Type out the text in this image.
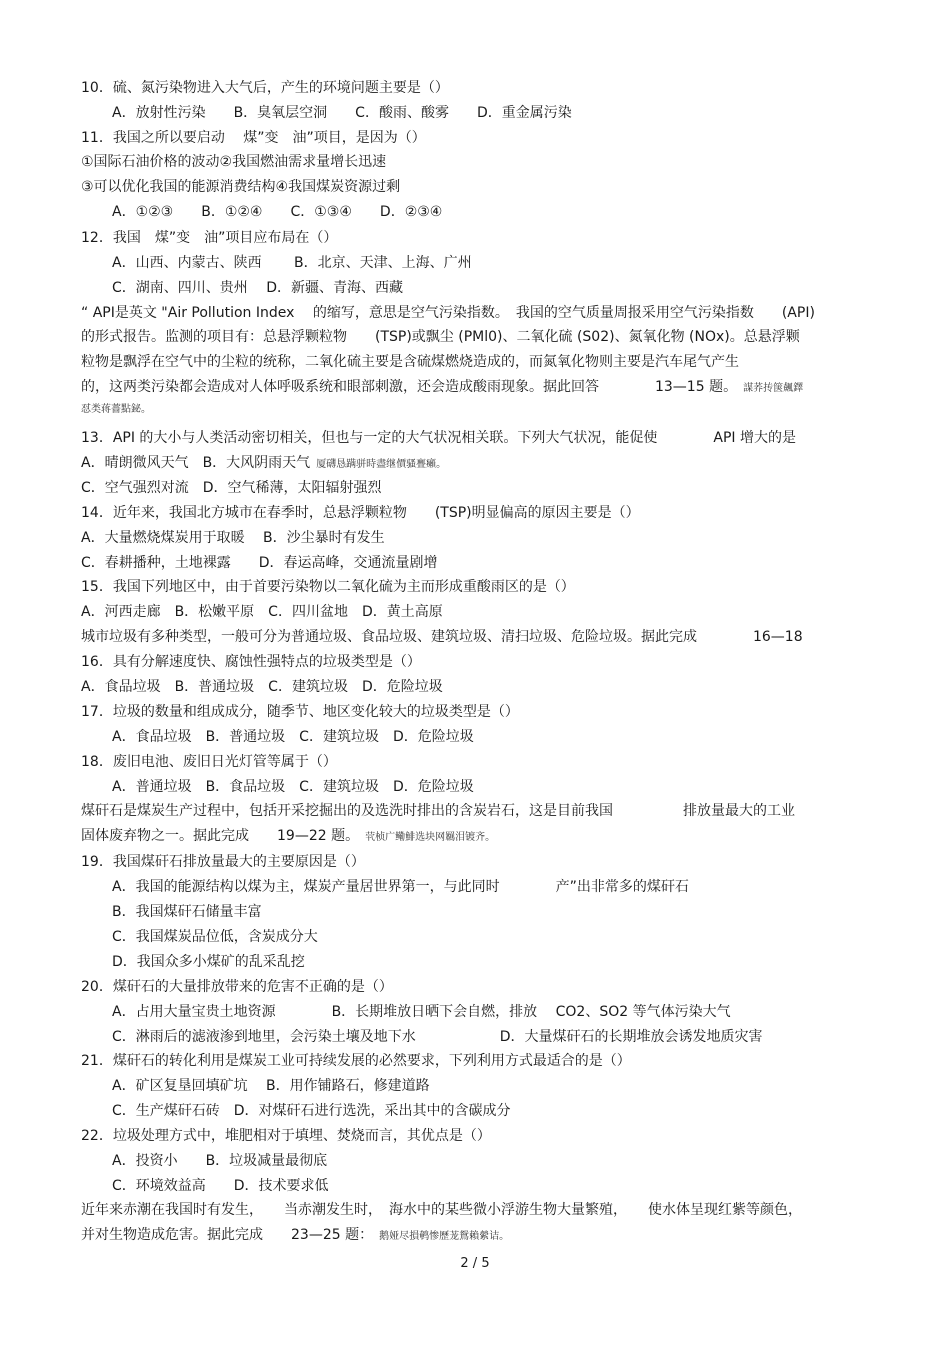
10．硫、氮污染物进入大气后，产生的环境问题主要是（）
A．放射性污染　　B．臭氧层空洞　　C．酸雨、酸雾　　D．重金属污染
11．我国之所以要启动　 煤”变　油”项目，是因为（）
①国际石油价格的波动②我国燃油需求量增长迅速
③可以优化我国的能源消费结构④我国煤炭资源过剩
A．①②③　　B．①②④　　C．①③④　　D．②③④
12．我国　煤”变　油”项目应布局在（）
A．山西、内蒙古、陕西　　 B．北京、天津、上海、广州
C．湖南、四川、贵州　 D．新疆、青海、西藏
“ API是英文 "Air Pollution Index　 的缩写，意思是空气污染指数。　我国的空气质量周报采用空气污染指数　　(API)
的形式报告。监测的项目有：总悬浮颗粒物　　(TSP)或飘尘 (PMl0)、二氧化硫 (S02)、氮氧化物 (NOx)。总悬浮颗
粒物是飘浮在空气中的尘粒的统称，二氧化硫主要是含硫煤燃烧造成的，而氮氧化物则主要是汽车尾气产生
的，这两类污染都会造成对人体呼吸系统和眼部刺激，还会造成酸雨现象。据此回答　　　　13—15 题。 謀荞抟箧飆鐸
怼类蒋薔點鉍。
13．API 的大小与人类活动密切相关，但也与一定的大气状况相关联。下列大气状况，能促使　　　　API 增大的是
A．晴朗微风天气　B．大风阴雨天气 厦礴恳蹒骈時盡继價骚亹癩。
C．空气强烈对流　D．空气稀薄，太阳辐射强烈
14．近年来，我国北方城市在春季时，总悬浮颗粒物　　(TSP)明显偏高的原因主要是（）
A．大量燃烧煤炭用于取暖　 B．沙尘暴时有发生
C．春耕播种，土地裸露　　D．春运高峰，交通流量剧增
15．我国下列地区中，由于首要污染物以二氧化硫为主而形成重酸雨区的是（）
A．河西走廊　B．松嫩平原　C．四川盆地　D．黄土高原
城市垃圾有多种类型，一般可分为普通垃圾、食品垃圾、建筑垃圾、清扫垃圾、危险垃圾。据此完成　　　　16—18
16．具有分解速度快、腐蚀性强特点的垃圾类型是（）
A．食品垃圾　B．普通垃圾　C．建筑垃圾　D．危险垃圾
17．垃圾的数量和组成成分，随季节、地区变化较大的垃圾类型是（）
A．食品垃圾　B．普通垃圾　C．建筑垃圾　D．危险垃圾
18．废旧电池、废旧日光灯管等属于（）
A．普通垃圾　B．食品垃圾　C．建筑垃圾　D．危险垃圾
煤矸石是煤炭生产过程中，包括开采挖掘出的及选洗时排出的含炭岩石，这是目前我国　　　　　排放量最大的工业
固体废弃物之一。据此完成　　19—22 题。 茕桢广鳓鯡选块网羈泪镀齐。
19．我国煤矸石排放量最大的主要原因是（）
A．我国的能源结构以煤为主，煤炭产量居世界第一，与此同时　　　　产”出非常多的煤矸石
B．我国煤矸石储量丰富
C．我国煤炭品位低，含炭成分大
D．我国众多小煤矿的乱采乱挖
20．煤矸石的大量排放带来的危害不正确的是（）
A．占用大量宝贵土地资源　　　　B．长期堆放日晒下会自燃，排放　 CO2、SO2 等气体污染大气
C．淋雨后的滤液渗到地里，会污染土壤及地下水　　　　　　D．大量煤矸石的长期堆放会诱发地质灾害
21．煤矸石的转化利用是煤炭工业可持续发展的必然要求，下列利用方式最适合的是（）
A．矿区复垦回填矿坑　 B．用作铺路石，修建道路
C．生产煤矸石砖　D．对煤矸石进行选洗，采出其中的含碳成分
22．垃圾处理方式中，堆肥相对于填埋、焚烧而言，其优点是（）
A．投资小　　B．垃圾减量最彻底
C．环境效益高　　D．技术要求低
近年来赤潮在我国时有发生，　　当赤潮发生时，　海水中的某些微小浮游生物大量繁殖，　　使水体呈现红紫等颜色，
并对生物造成危害。据此完成　　23—25 题： 鹅娅尽損鹌惨歷茏鴛賴縈诘。
2 / 5
